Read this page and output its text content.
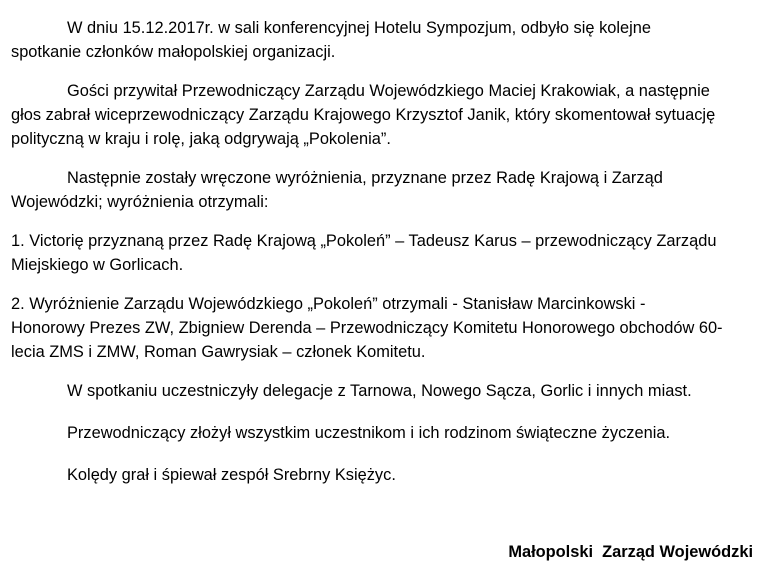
W dniu 15.12.2017r. w sali konferencyjnej Hotelu Sympozjum, odbyło się kolejne
spotkanie członków małopolskiej organizacji.
Gości przywitał Przewodniczący Zarządu Wojewódzkiego Maciej Krakowiak, a następnie
głos zabrał wiceprzewodniczący Zarządu Krajowego Krzysztof Janik, który skomentował sytuację
polityczną w kraju i rolę, jaką odgrywają „Pokolenia”.
Następnie zostały wręczone wyróżnienia, przyznane przez Radę Krajową i Zarząd
Wojewódzki; wyróżnienia otrzymali:
1. Victorię przyznaną przez Radę Krajową „Pokoleń” – Tadeusz Karus – przewodniczący Zarządu
Miejskiego w Gorlicach.
2. Wyróżnienie Zarządu Wojewódzkiego „Pokoleń” otrzymali - Stanisław Marcinkowski -
Honorowy Prezes ZW, Zbigniew Derenda – Przewodniczący Komitetu Honorowego obchodów 60-
lecia ZMS i ZMW, Roman Gawrysiak – członek Komitetu.
W spotkaniu uczestniczyły delegacje z Tarnowa, Nowego Sącza, Gorlic i innych miast.
Przewodniczący złożył wszystkim uczestnikom i ich rodzinom świąteczne życzenia.
Kolędy grał i śpiewał zespół Srebrny Księżyc.
Małopolski  Zarząd Wojewódzki
